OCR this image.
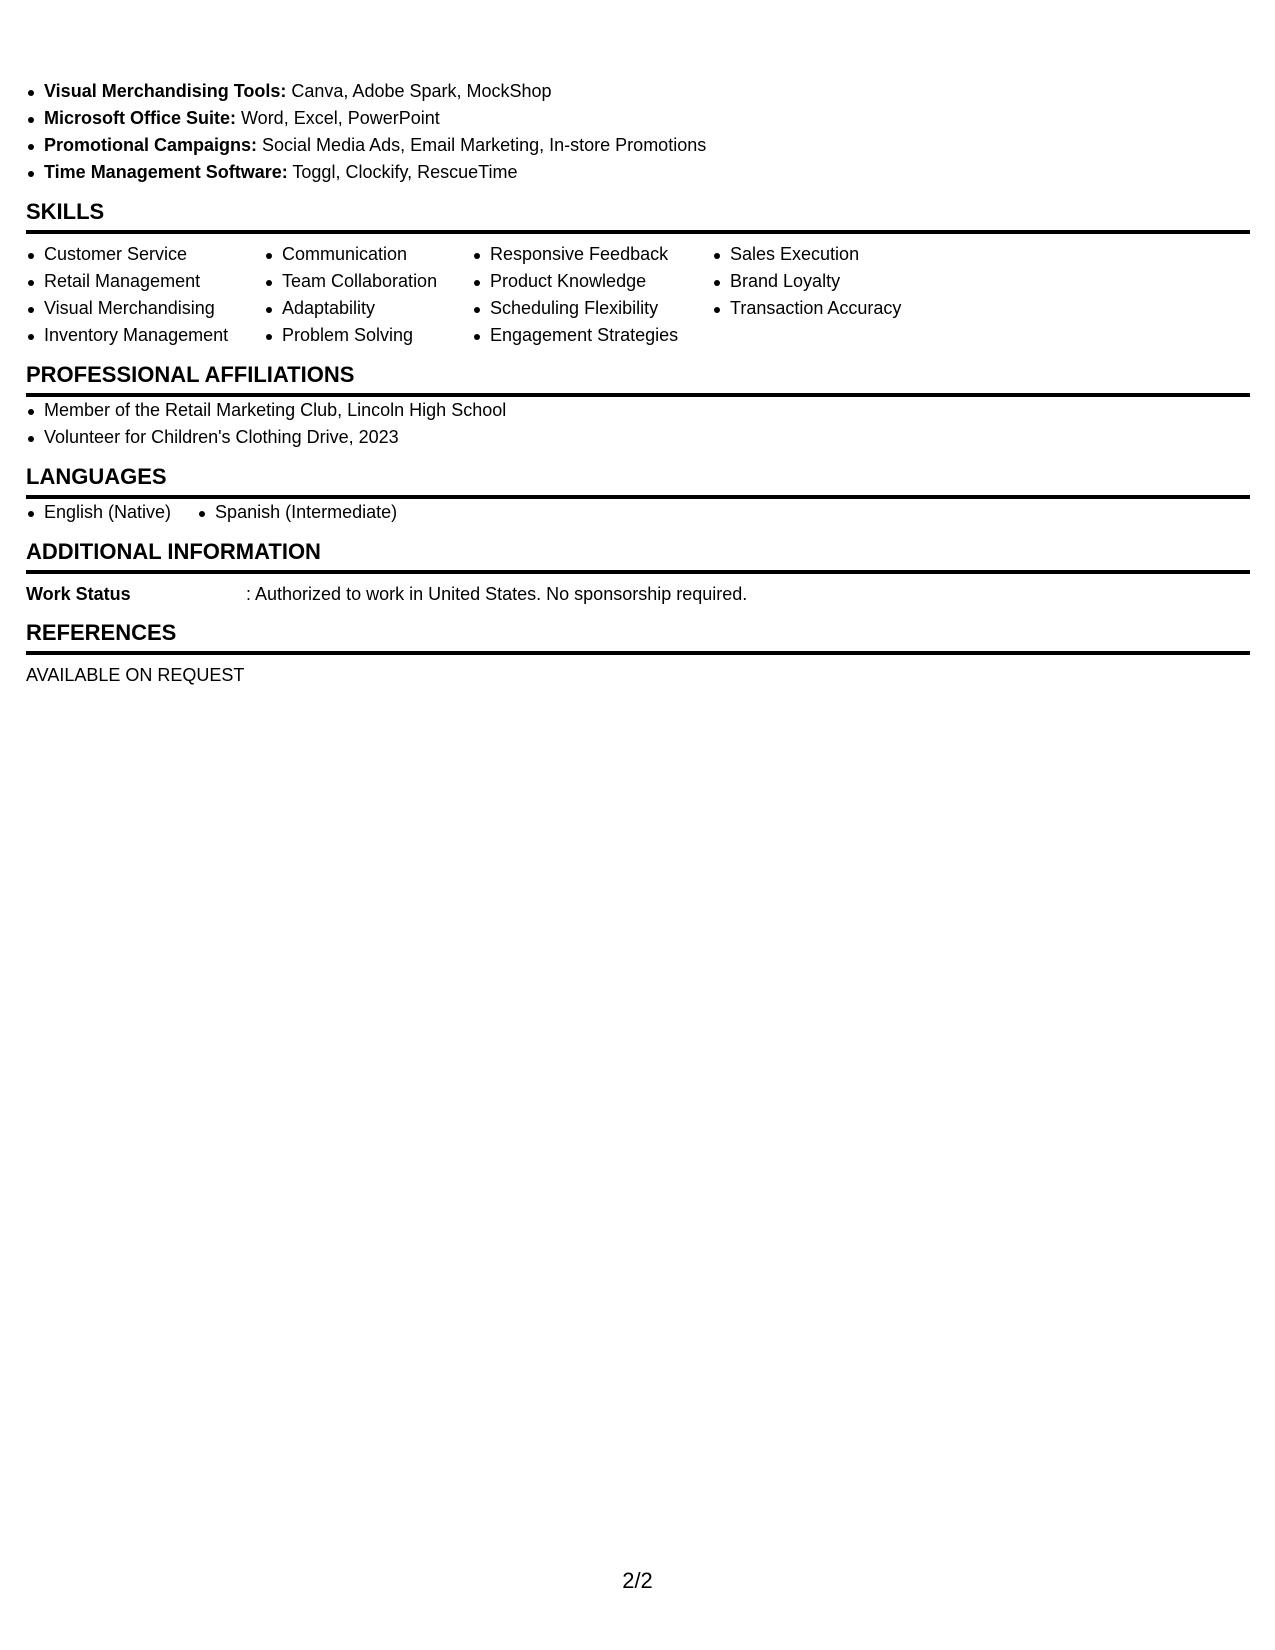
Visual Merchandising Tools: Canva, Adobe Spark, MockShop
Microsoft Office Suite: Word, Excel, PowerPoint
Promotional Campaigns: Social Media Ads, Email Marketing, In-store Promotions
Time Management Software: Toggl, Clockify, RescueTime
SKILLS
Customer Service
Retail Management
Visual Merchandising
Inventory Management
Communication
Team Collaboration
Adaptability
Problem Solving
Responsive Feedback
Product Knowledge
Scheduling Flexibility
Engagement Strategies
Sales Execution
Brand Loyalty
Transaction Accuracy
PROFESSIONAL AFFILIATIONS
Member of the Retail Marketing Club, Lincoln High School
Volunteer for Children's Clothing Drive, 2023
LANGUAGES
English (Native)	Spanish (Intermediate)
ADDITIONAL INFORMATION
Work Status	: Authorized to work in United States. No sponsorship required.
REFERENCES
AVAILABLE ON REQUEST
2/2
